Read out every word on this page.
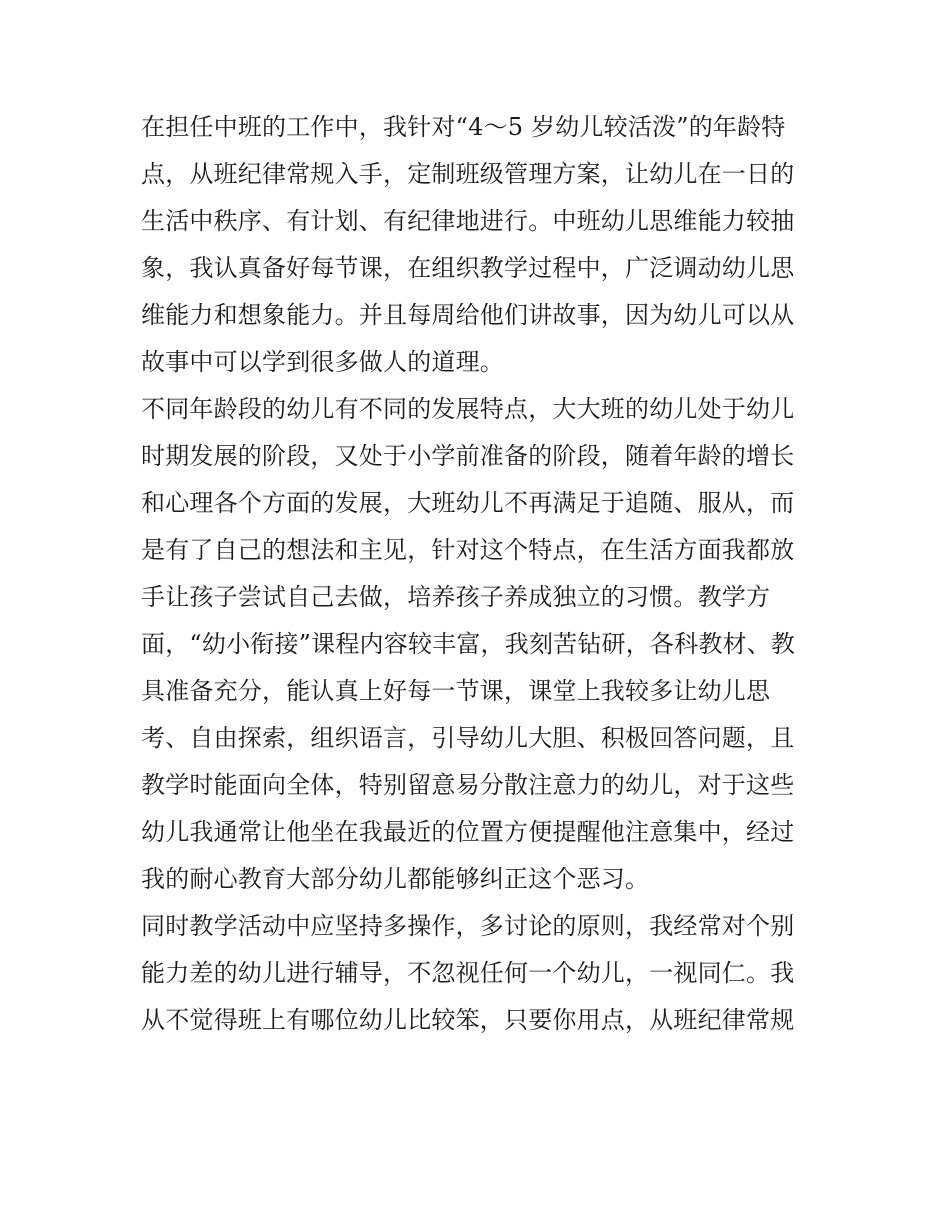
在担任中班的工作中，我针对“4～5 岁幼儿较活泼”的年龄特
点，从班纪律常规入手，定制班级管理方案，让幼儿在一日的
生活中秩序、有计划、有纪律地进行。中班幼儿思维能力较抽
象，我认真备好每节课，在组织教学过程中，广泛调动幼儿思
维能力和想象能力。并且每周给他们讲故事，因为幼儿可以从
故事中可以学到很多做人的道理。
不同年龄段的幼儿有不同的发展特点，大大班的幼儿处于幼儿
时期发展的阶段，又处于小学前准备的阶段，随着年龄的增长
和心理各个方面的发展，大班幼儿不再满足于追随、服从，而
是有了自己的想法和主见，针对这个特点，在生活方面我都放
手让孩子尝试自己去做，培养孩子养成独立的习惯。教学方
面，“幼小衔接”课程内容较丰富，我刻苦钻研，各科教材、教
具准备充分，能认真上好每一节课，课堂上我较多让幼儿思
考、自由探索，组织语言，引导幼儿大胆、积极回答问题，且
教学时能面向全体，特别留意易分散注意力的幼儿，对于这些
幼儿我通常让他坐在我最近的位置方便提醒他注意集中，经过
我的耐心教育大部分幼儿都能够纠正这个恶习。
同时教学活动中应坚持多操作，多讨论的原则，我经常对个别
能力差的幼儿进行辅导，不忽视任何一个幼儿，一视同仁。我
从不觉得班上有哪位幼儿比较笨，只要你用点，从班纪律常规
